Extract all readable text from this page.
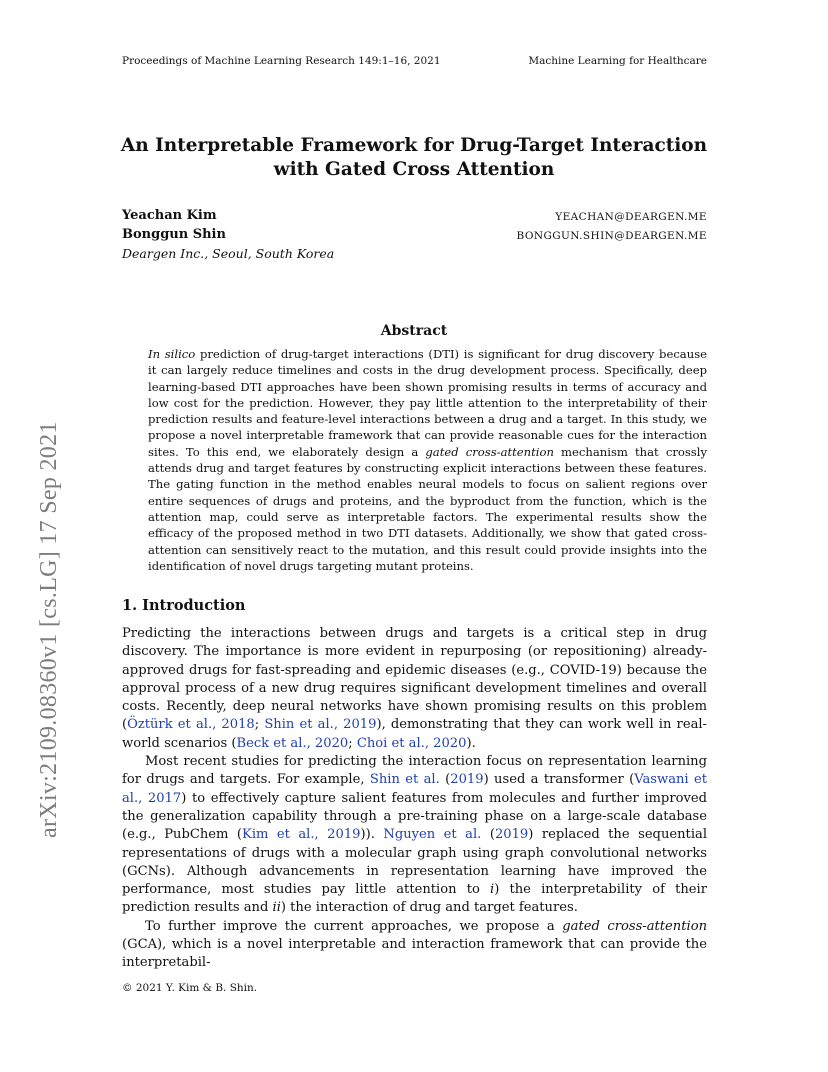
Proceedings of Machine Learning Research 149:1–16, 2021	Machine Learning for Healthcare
An Interpretable Framework for Drug-Target Interaction
with Gated Cross Attention
Yeachan Kim	YEACHAN@DEARGEN.ME
Bonggun Shin	BONGGUN.SHIN@DEARGEN.ME
Deargen Inc., Seoul, South Korea
arXiv:2109.08360v1 [cs.LG] 17 Sep 2021
Abstract
In silico prediction of drug-target interactions (DTI) is significant for drug discovery because it can largely reduce timelines and costs in the drug development process. Specifically, deep learning-based DTI approaches have been shown promising results in terms of accuracy and low cost for the prediction. However, they pay little attention to the interpretability of their prediction results and feature-level interactions between a drug and a target. In this study, we propose a novel interpretable framework that can provide reasonable cues for the interaction sites. To this end, we elaborately design a gated cross-attention mechanism that crossly attends drug and target features by constructing explicit interactions between these features. The gating function in the method enables neural models to focus on salient regions over entire sequences of drugs and proteins, and the byproduct from the function, which is the attention map, could serve as interpretable factors. The experimental results show the efficacy of the proposed method in two DTI datasets. Additionally, we show that gated cross-attention can sensitively react to the mutation, and this result could provide insights into the identification of novel drugs targeting mutant proteins.
1. Introduction

Predicting the interactions between drugs and targets is a critical step in drug discovery. The importance is more evident in repurposing (or repositioning) already-approved drugs for fast-spreading and epidemic diseases (e.g., COVID-19) because the approval process of a new drug requires significant development timelines and overall costs. Recently, deep neural networks have shown promising results on this problem (Öztürk et al., 2018; Shin et al., 2019), demonstrating that they can work well in real-world scenarios (Beck et al., 2020; Choi et al., 2020).

Most recent studies for predicting the interaction focus on representation learning for drugs and targets. For example, Shin et al. (2019) used a transformer (Vaswani et al., 2017) to effectively capture salient features from molecules and further improved the generalization capability through a pre-training phase on a large-scale database (e.g., PubChem (Kim et al., 2019)). Nguyen et al. (2019) replaced the sequential representations of drugs with a molecular graph using graph convolutional networks (GCNs). Although advancements in representation learning have improved the performance, most studies pay little attention to i) the interpretability of their prediction results and ii) the interaction of drug and target features.

To further improve the current approaches, we propose a gated cross-attention (GCA), which is a novel interpretable and interaction framework that can provide the interpretabil-

© 2021 Y. Kim & B. Shin.
